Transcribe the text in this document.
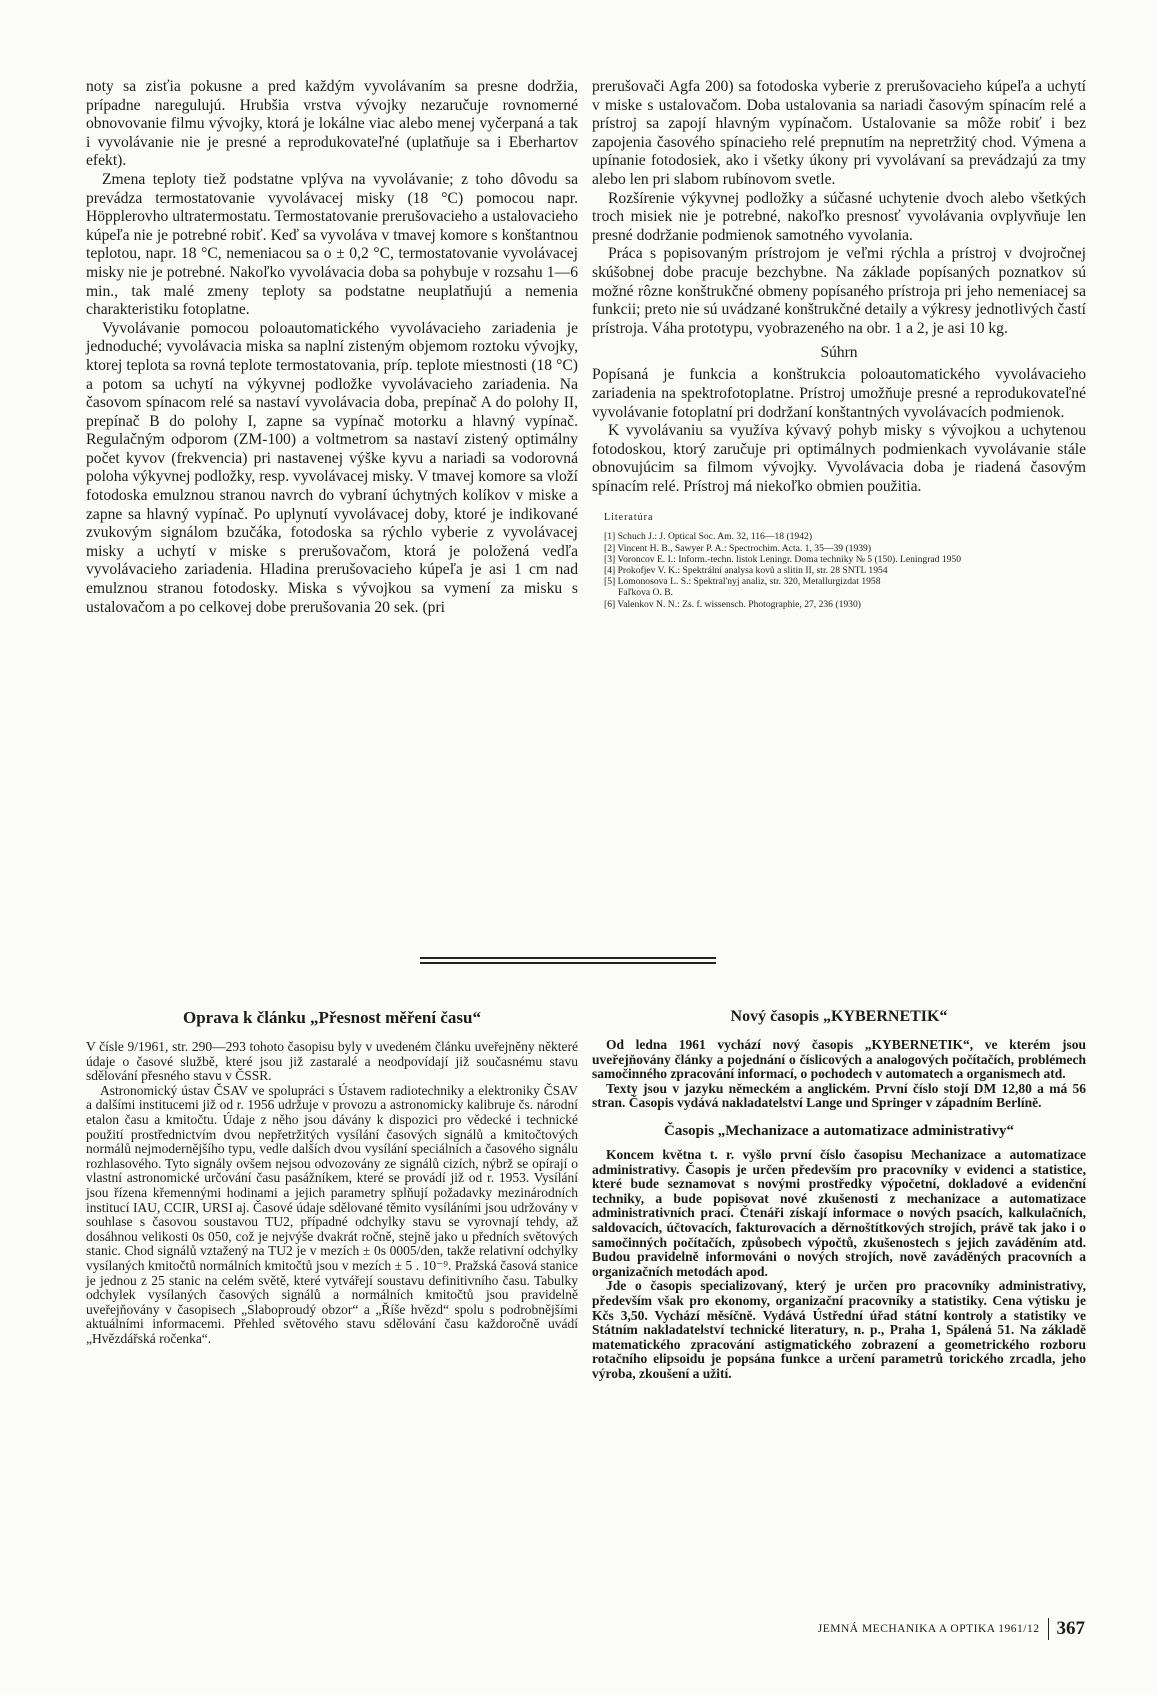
noty sa zisťia pokusne a pred každým vyvolávaním sa presne dodržia, prípadne nareguluјú. Hrubšia vrstva vývojky nezaručuje rovnomerné obnovovanie filmu vývojky, ktorá je lokálne viac alebo menej vyčerpaná a tak i vyvolávanie nie je presné a reprodukovateľné (uplatňuje sa i Eberhartov efekt).

Zmena teploty tiež podstatne vplýva na vyvolávanie; z toho dôvodu sa prevádza termostatovanie vyvolávacej misky (18 °C) pomocou napr. Höpplerovho ultratermostatu. Termostatovanie prerušovacieho a ustalovacieho kúpeľa nie je potrebné robiť. Keď sa vyvoláva v tmavej komore s konštantnou teplotou, napr. 18 °C, nemeniacou sa o ± 0,2 °C, termostatovanie vyvolávacej misky nie je potrebné. Nakoľko vyvolávacia doba sa pohybuje v rozsahu 1—6 min., tak malé zmeny teploty sa podstatne neuplatňujú a nemenia charakteristiku fotoplatne.

Vyvolávanie pomocou poloautomatického vyvolávacieho zariadenia je jednoduché; vyvolávacia miska sa naplní zisteným objemom roztoku vývojky, ktorej teplota sa rovná teplote termostatovania, príp. teplote miestnosti (18 °C) a potom sa uchytí na výkyvnej podložke vyvolávacieho zariadenia. Na časovom spínacom relé sa nastaví vyvolávacia doba, prepínač A do polohy II, prepínač B do polohy I, zapne sa vypínač motorku a hlavný vypínač. Regulačným odporom (ZM-100) a voltmetrom sa nastaví zistený optimálny počet kyvov (frekvencia) pri nastavenej výške kyvu a nariadi sa vodorovná poloha výkyvnej podložky, resp. vyvolávacej misky. V tmavej komore sa vloží fotodoska emulznou stranou navrch do vybraní úchytných kolíkov v miske a zapne sa hlavný vypínač. Po uplynutí vyvolávacej doby, ktoré je indikované zvukovým signálom bzučáka, fotodoska sa rýchlo vyberie z vyvolávacej misky a uchytí v miske s prerušovačom, ktorá je položená vedľa vyvolávacieho zariadenia. Hladina prerušovacieho kúpeľa je asi 1 cm nad emulznou stranou fotodosky. Miska s vývojkou sa vymení za misku s ustalovačom a po celkovej dobe prerušovania 20 sek. (pri

prerušovači Agfa 200) sa fotodoska vyberie z prerušovacieho kúpeľa a uchytí v miske s ustalovačom. Doba ustalovania sa nariadi časovým spínacím relé a prístroj sa zapojí hlavným vypínačom. Ustalovanie sa môže robiť i bez zapojenia časového spínacieho relé prepnutím na nepretržitý chod. Výmena a upínanie fotodosiek, ako i všetky úkony pri vyvolávaní sa prevádzajú za tmy alebo len pri slabom rubínovom svetle.

Rozšírenie výkyvnej podložky a súčasné uchytenie dvoch alebo všetkých troch misiek nie je potrebné, nakoľko presnosť vyvolávania ovplyvňuje len presné dodržanie podmienok samotného vyvolania.

Práca s popisovaným prístrojom je veľmi rýchla a prístroj v dvojročnej skúšobnej dobe pracuje bezchybne. Na základe popísaných poznatkov sú možné rôzne konštrukčné obmeny popísaného prístroja pri jeho nemeniacej sa funkcii; preto nie sú uvádzané konštrukčné detaily a výkresy jednotlivých častí prístroja. Váha prototypu, vyobrazeného na obr. 1 a 2, je asi 10 kg.

Súhrn

Popísaná je funkcia a konštrukcia poloautomatického vyvolávacieho zariadenia na spektrofotoplatne. Prístroj umožňuje presné a reprodukovateľné vyvolávanie fotoplatní pri dodržaní konštantných vyvolávacích podmienok.

K vyvolávaniu sa využíva kývavý pohyb misky s vývojkou a uchytenou fotodoskou, ktorý zaručuje pri optimálnych podmienkach vyvolávanie stále obnovujúcim sa filmom vývojky. Vyvolávacia doba je riadená časovým spínacím relé. Prístroj má niekoľko obmien použitia.

Literatúra
[1] Schuch J.: J. Optical Soc. Am. 32, 116—18 (1942)
[2] Vincent H. B., Sawyer P. A.: Spectrochim. Acta. 1, 35—39 (1939)
[3] Voroncov E. I.: Inform.-techn. listok Leningr. Doma techniky № 5 (150). Leningrad 1950
[4] Prokofjev V. K.: Spektrální analysa kovů a slitin II, str. 28 SNTL 1954
[5] Lomonosova L. S.: Spektral'nyj analiz, str. 320, Metallurgizdat 1958
Faľkova O. B.
[6] Valenkov N. N.: Zs. f. wissensch. Photographie, 27, 236 (1930)
Oprava k článku „Přesnost měření času“

V čísle 9/1961, str. 290—293 tohoto časopisu byly v uvedeném článku uveřejněny některé údaje o časové službě, které jsou již zastaralé a neodpovídají již současnému stavu sdělování přesného stavu v ČSSR.

Astronomický ústav ČSAV ve spolupráci s Ústavem radiotechniky a elektroniky ČSAV a dalšími institucemi již od r. 1956 udržuje v provozu a astronomicky kalibruje čs. národní etalon času a kmitočtu. Údaje z něho jsou dávány k dispozici pro vědecké i technické použití prostřednictvím dvou nepřetržitých vysílání časových signálů a kmitočtových normálů nejmodernějšího typu, vedle dalších dvou vysílání speciálních a časového signálu rozhlasového. Tyto signály ovšem nejsou odvozovány ze signálů cizích, nýbrž se opírají o vlastní astronomické určování času pasážníkem, které se provádí již od r. 1953. Vysílání jsou řízena křemennými hodinami a jejich parametry splňují požadavky mezinárodních institucí IAU, CCIR, URSI aj. Časové údaje sdělované těmito vysíláními jsou udržovány v souhlase s časovou soustavou TU2, případné odchylky stavu se vyrovnají tehdy, až dosáhnou velikosti 0s 050, což je nejvýše dvakrát ročně, stejně jako u předních světových stanic. Chod signálů vztažený na TU2 je v mezích ± 0s 0005/den, takže relativní odchylky vysílaných kmitočtů normálních kmitočtů jsou v mezích ± 5 . 10⁻⁹. Pražská časová stanice je jednou z 25 stanic na celém světě, které vytvářejí soustavu definitivního času. Tabulky odchylek vysílaných časových signálů a normálních kmitočtů jsou pravidelně uveřejňovány v časopisech „Slaboproudý obzor“ a „Říše hvězd“ spolu s podrobnějšími aktuálními informacemi. Přehled světového stavu sdělování času každoročně uvádí „Hvězdářská ročenka“.

Nový časopis „KYBERNETIK“

Od ledna 1961 vychází nový časopis „KYBERNETIK“, ve kterém jsou uveřejňovány články a pojednání o číslicových a analogových počítačích, problémech samočinného zpracování informací, o pochodech v automatech a organismech atd.

Texty jsou v jazyku německém a anglickém. První číslo stojí DM 12,80 a má 56 stran. Časopis vydává nakladatelství Lange und Springer v západním Berlíně.

Časopis „Mechanizace a automatizace administrativy“

Koncem května t. r. vyšlo první číslo časopisu Mechanizace a automatizace administrativy. Časopis je určen především pro pracovníky v evidenci a statistice, které bude seznamovat s novými prostředky výpočetní, dokladové a evidenční techniky, a bude popisovat nové zkušenosti z mechanizace a automatizace administrativních prací. Čtenáři získají informace o nových psacích, kalkulačních, saldovacích, účtovacích, fakturovacích a děrnoštítkových strojích, právě tak jako i o samočinných počítačích, způsobech výpočtů, zkušenostech s jejich zaváděním atd. Budou pravidelně informováni o nových strojích, nově zaváděných pracovních a organizačních metodách apod.

Jde o časopis specializovaný, který je určen pro pracovníky administrativy, především však pro ekonomy, organizační pracovníky a statistiky. Cena výtisku je Kčs 3,50. Vychází měsíčně. Vydává Ústřední úřad státní kontroly a statistiky ve Státním nakladatelství technické literatury, n. p., Praha 1, Spálená 51. Na základě matematického zpracování astigmatického zobrazení a geometrického rozboru rotačního elipsoidu je popsána funkce a určení parametrů torického zrcadla, jeho výroba, zkoušení a užití.

JEMNÁ MECHANIKA A OPTIKA 1961/12 367
